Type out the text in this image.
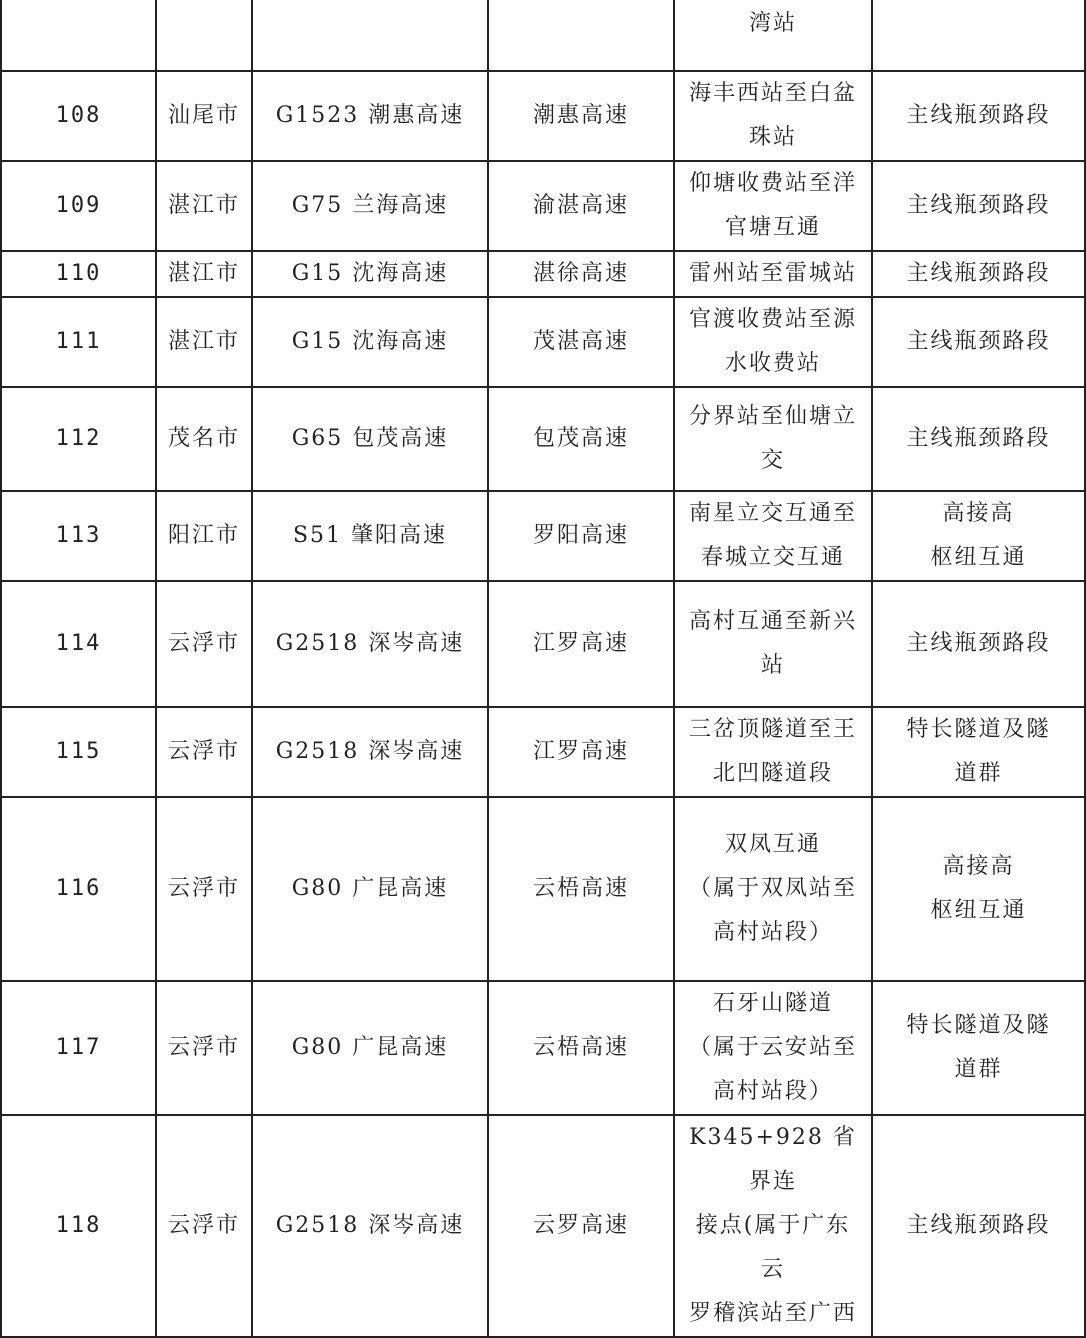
				湾站	

108	汕尾市	G1523 潮惠高速	潮惠高速	海丰西站至白盆
珠站	主线瓶颈路段

109	湛江市	G75 兰海高速	渝湛高速	仰塘收费站至洋
官塘互通	主线瓶颈路段

110	湛江市	G15 沈海高速	湛徐高速	雷州站至雷城站	主线瓶颈路段

111	湛江市	G15 沈海高速	茂湛高速	官渡收费站至源
水收费站	主线瓶颈路段

112	茂名市	G65 包茂高速	包茂高速	分界站至仙塘立
交	主线瓶颈路段

113	阳江市	S51 肇阳高速	罗阳高速	南星立交互通至
春城立交互通	高接高
枢纽互通

114	云浮市	G2518 深岑高速	江罗高速	高村互通至新兴
站	主线瓶颈路段

115	云浮市	G2518 深岑高速	江罗高速	三岔顶隧道至王
北凹隧道段	特长隧道及隧
道群

116	云浮市	G80 广昆高速	云梧高速	双凤互通
（属于双凤站至
高村站段）	高接高
枢纽互通

117	云浮市	G80 广昆高速	云梧高速	石牙山隧道
（属于云安站至
高村站段）	特长隧道及隧
道群

118	云浮市	G2518 深岑高速	云罗高速	K345+928 省界连
接点(属于广东云
罗稽滨站至广西	主线瓶颈路段
